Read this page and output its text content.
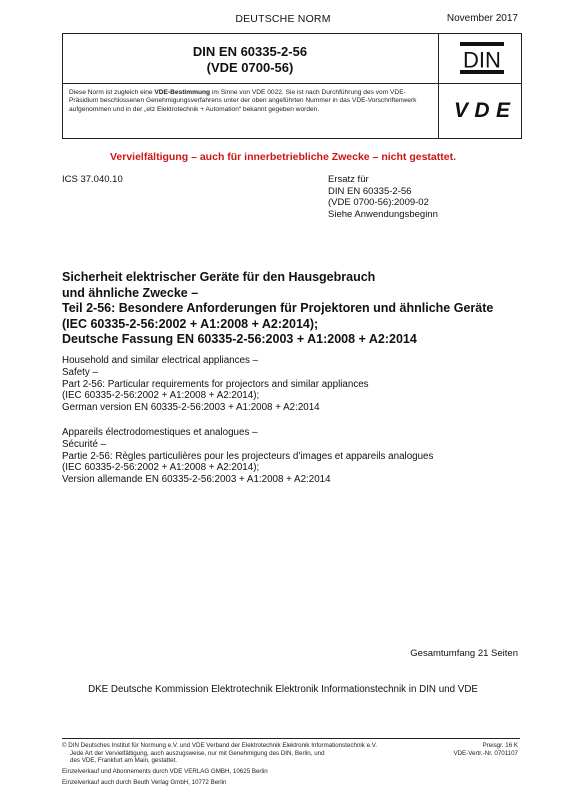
DEUTSCHE NORM	November 2017
DIN EN 60335-2-56
(VDE 0700-56)	DIN
Diese Norm ist zugleich eine VDE-Bestimmung im Sinne von VDE 0022. Sie ist nach Durchführung des vom VDE-Präsidium beschlossenen Genehmigungsverfahrens unter der oben angeführten Nummer in das VDE-Vorschriftenwerk aufgenommen und in der „etz Elektrotechnik + Automation“ bekannt gegeben worden.	VDE
Vervielfältigung – auch für innerbetriebliche Zwecke – nicht gestattet.
ICS 37.040.10	Ersatz für
DIN EN 60335-2-56
(VDE 0700-56):2009-02
Siehe Anwendungsbeginn
Sicherheit elektrischer Geräte für den Hausgebrauch
und ähnliche Zwecke –
Teil 2-56: Besondere Anforderungen für Projektoren und ähnliche Geräte
(IEC 60335-2-56:2002 + A1:2008 + A2:2014);
Deutsche Fassung EN 60335-2-56:2003 + A1:2008 + A2:2014
Household and similar electrical appliances –
Safety –
Part 2-56: Particular requirements for projectors and similar appliances
(IEC 60335-2-56:2002 + A1:2008 + A2:2014);
German version EN 60335-2-56:2003 + A1:2008 + A2:2014
Appareils électrodomestiques et analogues –
Sécurité –
Partie 2-56: Règles particulières pour les projecteurs d’images et appareils analogues
(IEC 60335-2-56:2002 + A1:2008 + A2:2014);
Version allemande EN 60335-2-56:2003 + A1:2008 + A2:2014
Gesamtumfang 21 Seiten
DKE Deutsche Kommission Elektrotechnik Elektronik Informationstechnik in DIN und VDE
© DIN Deutsches Institut für Normung e.V. und VDE Verband der Elektrotechnik Elektronik Informationstechnik e.V.
Jede Art der Vervielfältigung, auch auszugsweise, nur mit Genehmigung des DIN, Berlin, und
des VDE, Frankfurt am Main, gestattet.
Preisgr. 16 K
VDE-Vertr.-Nr. 0701107
Einzelverkauf und Abonnements durch VDE VERLAG GMBH, 10625 Berlin
Einzelverkauf auch durch Beuth Verlag GmbH, 10772 Berlin
